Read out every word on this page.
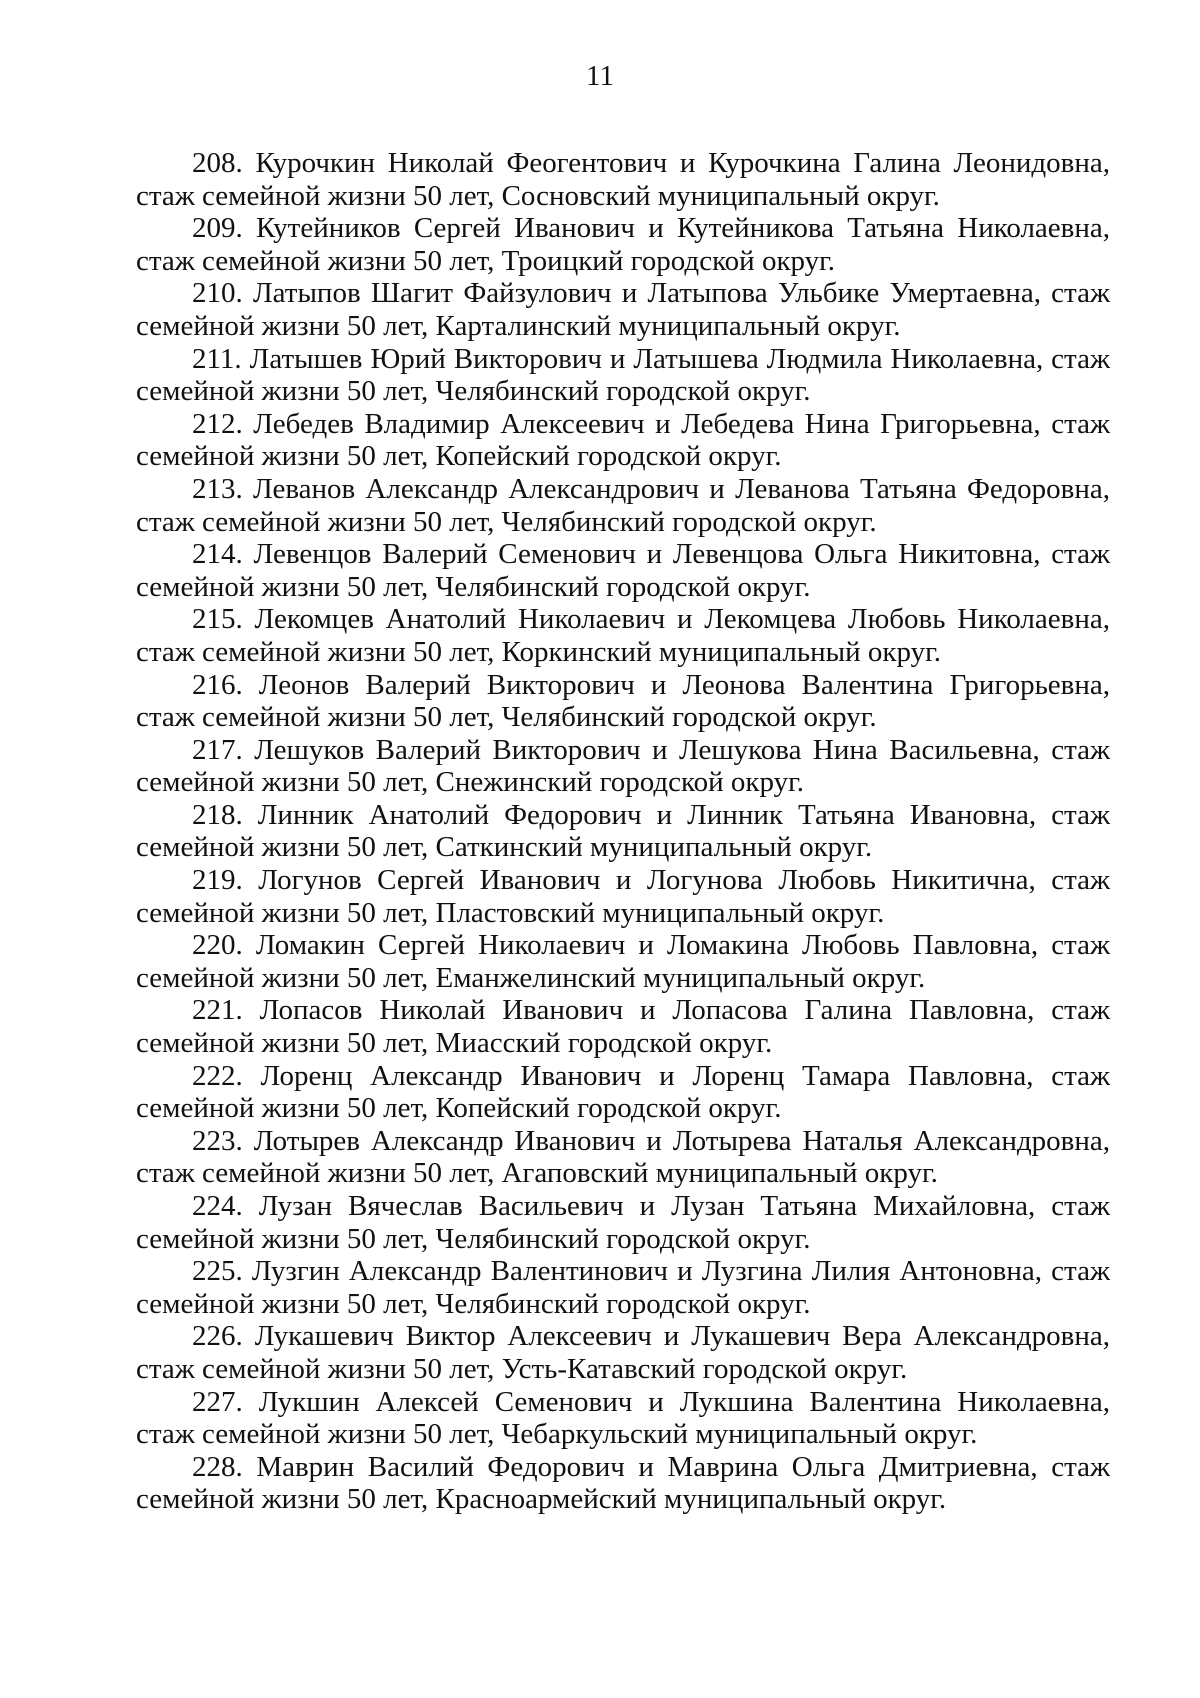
11

208. Курочкин Николай Феогентович и Курочкина Галина Леонидовна, стаж семейной жизни 50 лет, Сосновский муниципальный округ.

209. Кутейников Сергей Иванович и Кутейникова Татьяна Николаевна, стаж семейной жизни 50 лет, Троицкий городской округ.

210. Латыпов Шагит Файзулович и Латыпова Ульбике Умертаевна, стаж семейной жизни 50 лет, Карталинский муниципальный округ.

211. Латышев Юрий Викторович и Латышева Людмила Николаевна, стаж семейной жизни 50 лет, Челябинский городской округ.

212. Лебедев Владимир Алексеевич и Лебедева Нина Григорьевна, стаж семейной жизни 50 лет, Копейский городской округ.

213. Леванов Александр Александрович и Леванова Татьяна Федоровна, стаж семейной жизни 50 лет, Челябинский городской округ.

214. Левенцов Валерий Семенович и Левенцова Ольга Никитовна, стаж семейной жизни 50 лет, Челябинский городской округ.

215. Лекомцев Анатолий Николаевич и Лекомцева Любовь Николаевна, стаж семейной жизни 50 лет, Коркинский муниципальный округ.

216. Леонов Валерий Викторович и Леонова Валентина Григорьевна, стаж семейной жизни 50 лет, Челябинский городской округ.

217. Лешуков Валерий Викторович и Лешукова Нина Васильевна, стаж семейной жизни 50 лет, Снежинский городской округ.

218. Линник Анатолий Федорович и Линник Татьяна Ивановна, стаж семейной жизни 50 лет, Саткинский муниципальный округ.

219. Логунов Сергей Иванович и Логунова Любовь Никитична, стаж семейной жизни 50 лет, Пластовский муниципальный округ.

220. Ломакин Сергей Николаевич и Ломакина Любовь Павловна, стаж семейной жизни 50 лет, Еманжелинский муниципальный округ.

221. Лопасов Николай Иванович и Лопасова Галина Павловна, стаж семейной жизни 50 лет, Миасский городской округ.

222. Лоренц Александр Иванович и Лоренц Тамара Павловна, стаж семейной жизни 50 лет, Копейский городской округ.

223. Лотырев Александр Иванович и Лотырева Наталья Александровна, стаж семейной жизни 50 лет, Агаповский муниципальный округ.

224. Лузан Вячеслав Васильевич и Лузан Татьяна Михайловна, стаж семейной жизни 50 лет, Челябинский городской округ.

225. Лузгин Александр Валентинович и Лузгина Лилия Антоновна, стаж семейной жизни 50 лет, Челябинский городской округ.

226. Лукашевич Виктор Алексеевич и Лукашевич Вера Александровна, стаж семейной жизни 50 лет, Усть-Катавский городской округ.

227. Лукшин Алексей Семенович и Лукшина Валентина Николаевна, стаж семейной жизни 50 лет, Чебаркульский муниципальный округ.

228. Маврин Василий Федорович и Маврина Ольга Дмитриевна, стаж семейной жизни 50 лет, Красноармейский муниципальный округ.
